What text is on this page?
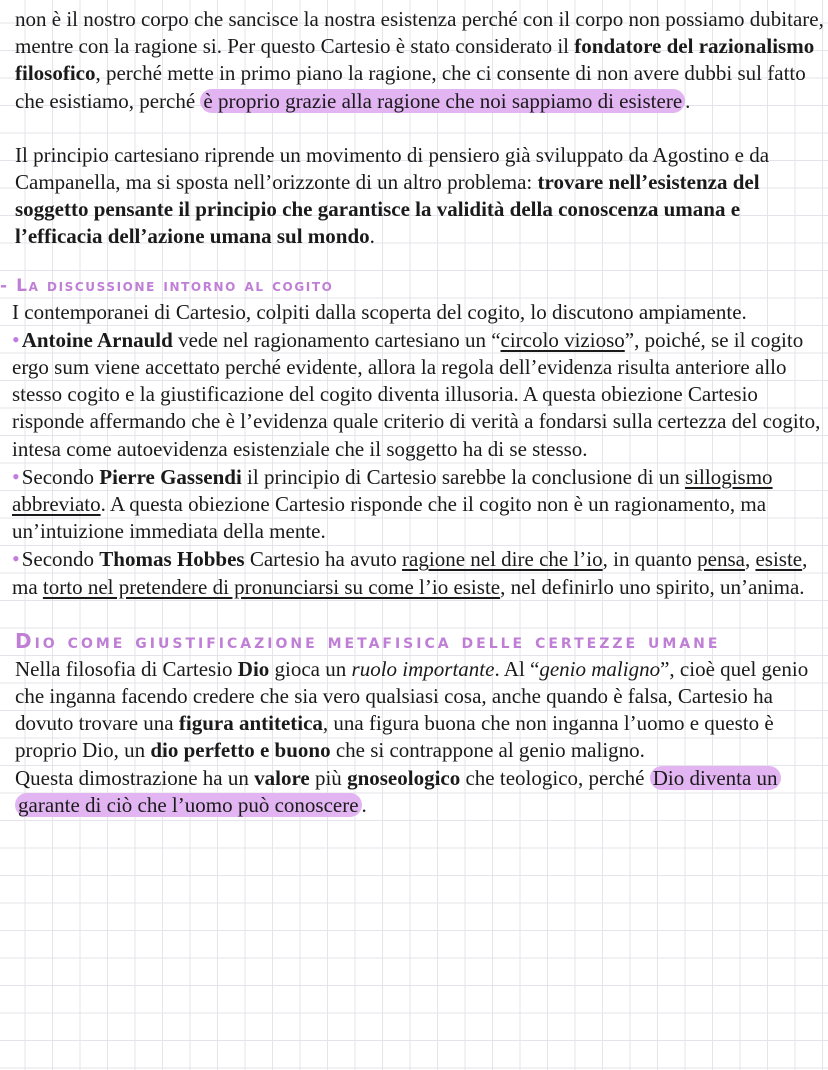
non è il nostro corpo che sancisce la nostra esistenza perché con il corpo non possiamo dubitare, mentre con la ragione si. Per questo Cartesio è stato considerato il fondatore del razionalismo filosofico, perché mette in primo piano la ragione, che ci consente di non avere dubbi sul fatto che esistiamo, perché è proprio grazie alla ragione che noi sappiamo di esistere .

Il principio cartesiano riprende un movimento di pensiero già sviluppato da Agostino e da Campanella, ma si sposta nell’orizzonte di un altro problema: trovare nell’esistenza del soggetto pensante il principio che garantisce la validità della conoscenza umana e l’efficacia dell’azione umana sul mondo.

- La discussione intorno al cogito

I contemporanei di Cartesio, colpiti dalla scoperta del cogito, lo discutono ampiamente.

•Antoine Arnauld vede nel ragionamento cartesiano un “circolo vizioso”, poiché, se il cogito ergo sum viene accettato perché evidente, allora la regola dell’evidenza risulta anteriore allo stesso cogito e la giustificazione del cogito diventa illusoria. A questa obiezione Cartesio risponde affermando che è l’evidenza quale criterio di verità a fondarsi sulla certezza del cogito, intesa come autoevidenza esistenziale che il soggetto ha di se stesso.

•Secondo Pierre Gassendi il principio di Cartesio sarebbe la conclusione di un sillogismo abbreviato. A questa obiezione Cartesio risponde che il cogito non è un ragionamento, ma un’intuizione immediata della mente.

•Secondo Thomas Hobbes Cartesio ha avuto ragione nel dire che l’io, in quanto pensa, esiste, ma torto nel pretendere di pronunciarsi su come l’io esiste, nel definirlo uno spirito, un’anima.

Dio come giustificazione metafisica delle certezze umane

Nella filosofia di Cartesio Dio gioca un ruolo importante. Al “genio maligno”, cioè quel genio che inganna facendo credere che sia vero qualsiasi cosa, anche quando è falsa, Cartesio ha dovuto trovare una figura antitetica, una figura buona che non inganna l’uomo e questo è proprio Dio, un dio perfetto e buono che si contrappone al genio maligno.

Questa dimostrazione ha un valore più gnoseologico che teologico, perché Dio diventa un garante di ciò che l’uomo può conoscere .
